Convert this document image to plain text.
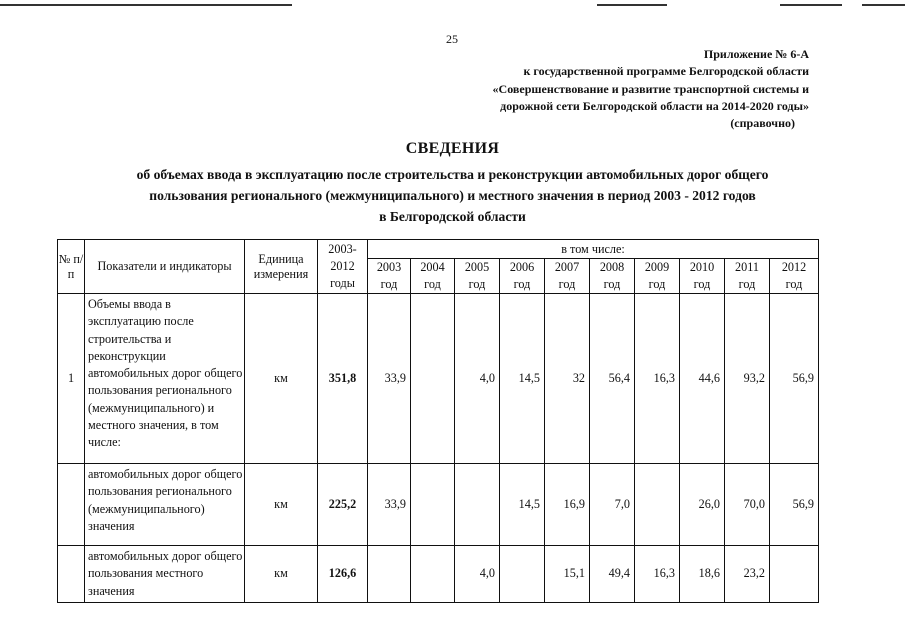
25
Приложение № 6-А
к государственной программе Белгородской области
«Совершенствование и развитие транспортной системы и
дорожной сети Белгородской области на 2014-2020 годы»
(справочно)
СВЕДЕНИЯ
об объемах ввода в эксплуатацию после строительства и реконструкции автомобильных дорог общего
пользования регионального (межмуниципального) и местного значения в период 2003 - 2012 годов
в Белгородской области
№ п/п	Показатели и индикаторы	Единица измерения	2003-2012 годы	в том числе:									
				2003	2004	2005	2006	2007	2008	2009	2010	2011	2012
				год	год	год	год	год	год	год	год	год	год
1	Объемы ввода в эксплуатацию после строительства и реконструкции автомобильных дорог общего пользования регионального (межмуниципального) и местного значения, в том числе:	км	351,8	33,9		4,0	14,5	32	56,4	16,3	44,6	93,2	56,9
	автомобильных дорог общего пользования регионального (межмуниципального) значения	км	225,2	33,9			14,5	16,9	7,0		26,0	70,0	56,9
	автомобильных дорог общего пользования местного значения	км	126,6			4,0		15,1	49,4	16,3	18,6	23,2	
